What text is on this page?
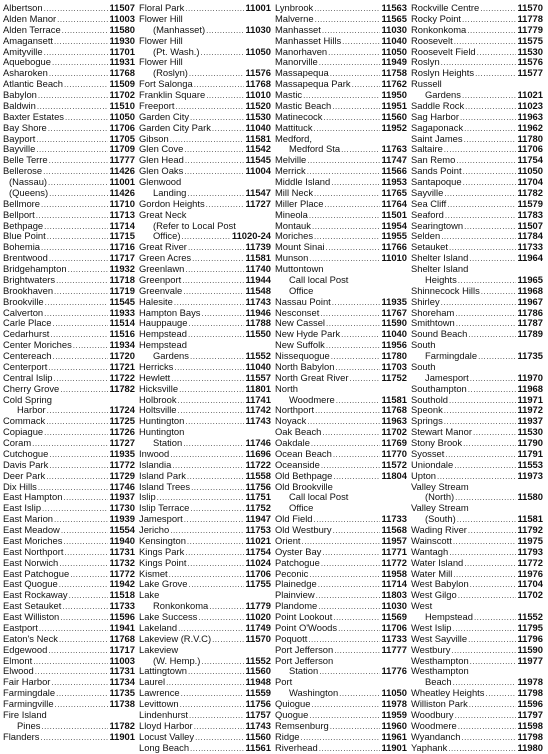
Albertson .....	11507
Alden Manor .....	11003
Alden Terrace .....	11580
Amagansett .....	11930
Amityville .....	11701
Aquebogue .....	11931
Asharoken .....	11768
Atlantic Beach .....	11509
Babylon .....	11702
Baldwin .....	11510
Baxter Estates .....	11050
Bay Shore .....	11706
Bayport .....	11705
Bayville .....	11709
Belle Terre .....	11777
Bellerose .....	11426
(Nassau) .....	11001
(Queens) .....	11426
Bellmore .....	11710
Bellport .....	11713
Bethpage .....	11714
Blue Point .....	11715
Bohemia .....	11716
Brentwood .....	11717
Bridgehampton .....	11932
Brightwaters .....	11718
Brookhaven .....	11719
Brookville .....	11545
Calverton .....	11933
Carle Place .....	11514
Cedarhurst .....	11516
Center Moriches .....	11934
Centereach .....	11720
Centerport .....	11721
Central Islip .....	11722
Cherry Grove .....	11782
Cold Spring
Harbor .....	11724
Commack .....	11725
Copiague .....	11726
Coram .....	11727
Cutchogue .....	11935
Davis Park .....	11772
Deer Park .....	11729
Dix Hills .....	11746
East Hampton .....	11937
East Islip .....	11730
East Marion .....	11939
East Meadow .....	11554
East Moriches .....	11940
East Northport .....	11731
East Norwich .....	11732
East Patchogue .....	11772
East Quogue .....	11942
East Rockaway .....	11518
East Setauket .....	11733
East Williston .....	11596
Eastport .....	11941
Eaton's Neck .....	11768
Edgewood .....	11717
Elmont .....	11003
Elwood .....	11731
Fair Harbor .....	11734
Farmingdale .....	11735
Farmingville .....	11738
Fire Island
Pines .....	11782
Flanders .....	11901
Floral Park .....	11001
Flower Hill
(Manhasset) .....	11030
Flower Hill
(Pt. Wash.) .....	11050
Flower Hill
(Roslyn) .....	11576
Fort Salonga .....	11768
Franklin Square .....	11010
Freeport .....	11520
Garden City .....	11530
Garden City Park .....	11040
Gibson .....	11581
Glen Cove .....	11542
Glen Head .....	11545
Glen Oaks .....	11004
Glenwood
Landing .....	11547
Gordon Heights .....	11727
Great Neck
(Refer to Local Post
Office) .....	11020-24
Great River .....	11739
Green Acres .....	11581
Greenlawn .....	11740
Greenport .....	11944
Greenvale .....	11548
Halesite .....	11743
Hampton Bays .....	11946
Hauppauge .....	11788
Hempstead .....	11550
Hempstead
Gardens .....	11552
Herricks .....	11040
Hewlett .....	11557
Hicksville .....	11801
Holbrook .....	11741
Holtsville .....	11742
Huntington .....	11743
Huntington
Station .....	11746
Inwood .....	11696
Islandia .....	11722
Island Park .....	11558
Island Trees .....	11756
Islip .....	11751
Islip Terrace .....	11752
Jamesport .....	11947
Jericho .....	11753
Kensington .....	11021
Kings Park .....	11754
Kings Point .....	11024
Kismet .....	11706
Lake Grove .....	11755
Lake
Ronkonkoma .....	11779
Lake Success .....	11020
Lakeland .....	11749
Lakeview (R.V.C) .....	11570
Lakeview
(W. Hemp.) .....	11552
Lattingtown .....	11560
Laurel .....	11948
Lawrence .....	11559
Levittown .....	11756
Lindenhurst .....	11757
Lloyd Harbor .....	11743
Locust Valley .....	11560
Long Beach .....	11561
Lynbrook .....	11563
Malverne .....	11565
Manhasset .....	11030
Manhasset Hills .....	11040
Manorhaven .....	11050
Manorville .....	11949
Massapequa .....	11758
Massapequa Park .....	11762
Mastic .....	11950
Mastic Beach .....	11951
Matinecock .....	11560
Mattituck .....	11952
Medford,
Medford Sta .....	11763
Melville .....	11747
Merrick .....	11566
Middle Island .....	11953
Mill Neck .....	11765
Miller Place .....	11764
Mineola .....	11501
Montauk .....	11954
Moriches .....	11955
Mount Sinai .....	11766
Munson .....	11010
Muttontown
Call local Post
Office
Nassau Point .....	11935
Nesconset .....	11767
New Cassel .....	11590
New Hyde Park .....	11040
New Suffolk .....	11956
Nissequogue .....	11780
North Babylon .....	11703
North Great River .....	11752
North
Woodmere .....	11581
Northport .....	11768
Noyack .....	11963
Oak Beach .....	11702
Oakdale .....	11769
Ocean Beach .....	11770
Oceanside .....	11572
Old Bethpage .....	11804
Old Brookville
Call local Post
Office
Old Field .....	11733
Old Westbury .....	11568
Orient .....	11957
Oyster Bay .....	11771
Patchogue .....	11772
Peconic .....	11958
Plainedge .....	11714
Plainview .....	11803
Plandome .....	11030
Point Lookout .....	11569
Point O'Woods .....	11706
Poquott .....	11733
Port Jefferson .....	11777
Port Jefferson
Station .....	11776
Port
Washington .....	11050
Quiogue .....	11978
Quogue .....	11959
Remsenburg .....	11960
Ridge .....	11961
Riverhead .....	11901
Rockville Centre .....	11570
Rocky Point .....	11778
Ronkonkoma .....	11779
Roosevelt .....	11575
Roosevelt Field .....	11530
Roslyn .....	11576
Roslyn Heights .....	11577
Russell
Gardens .....	11021
Saddle Rock .....	11023
Sag Harbor .....	11963
Sagaponack .....	11962
Saint James .....	11780
Saltaire .....	11706
San Remo .....	11754
Sands Point .....	11050
Santapoque .....	11704
Sayville .....	11782
Sea Cliff .....	11579
Seaford .....	11783
Searingtown .....	11507
Selden .....	11784
Setauket .....	11733
Shelter Island .....	11964
Shelter Island
Heights .....	11965
Shinnecock Hills .....	11968
Shirley .....	11967
Shoreham .....	11786
Smithtown .....	11787
Sound Beach .....	11789
South
Farmingdale .....	11735
South
Jamesport .....	11970
Southampton .....	11968
Southold .....	11971
Speonk .....	11972
Springs .....	11937
Stewart Manor .....	11530
Stony Brook .....	11790
Syosset .....	11791
Uniondale .....	11553
Upton .....	11973
Valley Stream
(North) .....	11580
Valley Stream
(South) .....	11581
Wading River .....	11792
Wainscott .....	11975
Wantagh .....	11793
Water Island .....	11772
Water Mill .....	11976
West Babylon .....	11704
West Gilgo .....	11702
West
Hempstead .....	11552
West Islip .....	11795
West Sayville .....	11796
Westbury .....	11590
Westhampton .....	11977
Westhampton
Beach .....	11978
Wheatley Heights .....	11798
Williston Park .....	11596
Woodbury .....	11797
Woodmere .....	11598
Wyandanch .....	11798
Yaphank .....	11980
